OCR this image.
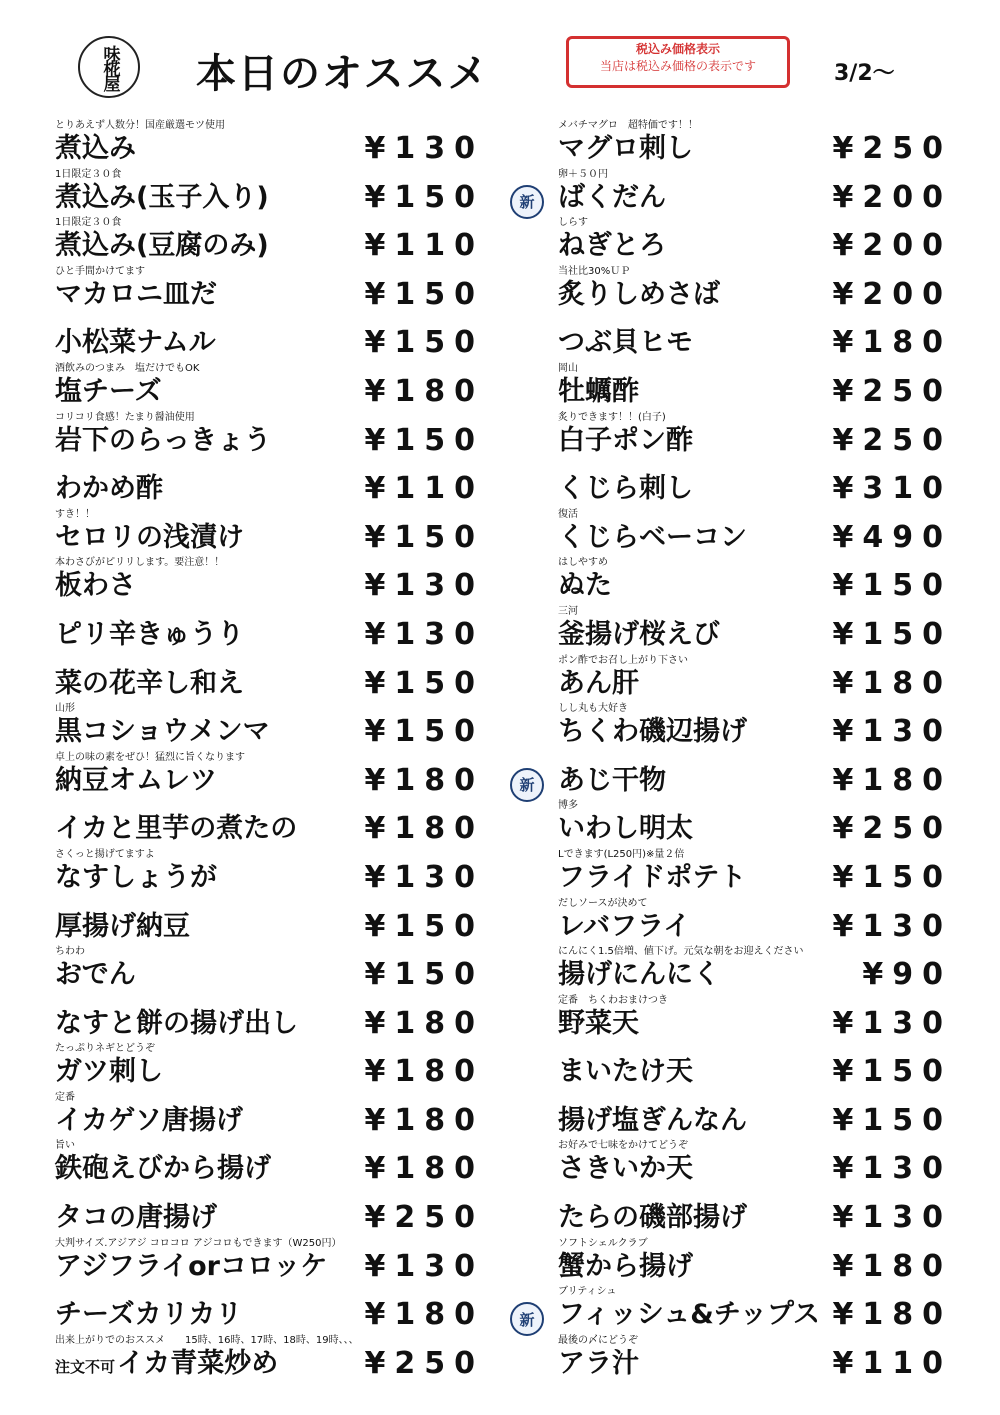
味椛屋 本日のオススメ
税込み価格表示
当店は税込み価格の表示です	3/2〜
とりあえず人数分！国産厳選モツ使用
煮込み	¥130
1日限定３０食
煮込み(玉子入り)	¥150
1日限定３０食
煮込み(豆腐のみ)	¥110
ひと手間かけてます
マカロニ皿だ	¥150
小松菜ナムル	¥150
酒飲みのつまみ　塩だけでもOK
塩チーズ	¥180
コリコリ食感！たまり醤油使用
岩下のらっきょう	¥150
わかめ酢	¥110
すき！！
セロリの浅漬け	¥150
本わさびがピリリします。要注意！！
板わさ	¥130
ピリ辛きゅうり	¥130
菜の花辛し和え	¥150
山形
黒コショウメンマ	¥150
卓上の味の素をぜひ！猛烈に旨くなります
納豆オムレツ	¥180
イカと里芋の煮たの ¥180
さくっと揚げてますよ
なすしょうが	¥130
厚揚げ納豆	¥150
ちわわ
おでん	¥150
なすと餅の揚げ出し ¥180
たっぷりネギとどうぞ
ガツ刺し	¥180
定番
イカゲソ唐揚げ	¥180
旨い
鉄砲えびから揚げ	¥180
タコの唐揚げ	¥250
大判サイズ.アジアジ コロコロ アジコロもできます（W250円）
アジフライorコロッケ ¥130
チーズカリカリ	¥180
出来上がりでのおススメ　　15時、16時、17時、18時、19時、、、
注文不可イカ青菜炒め	¥250
メバチマグロ　超特価です！！
マグロ刺し	¥250
卵＋５０円
新 ばくだん	¥200
しらす
ねぎとろ	¥200
当社比30%ＵＰ
炙りしめさば	¥200
つぶ貝ヒモ	¥180
岡山
牡蠣酢	¥250
炙りできます！！(白子)
白子ポン酢	¥250
くじら刺し	¥310
復活
くじらベーコン	¥490
はしやすめ
ぬた	¥150
三河
釜揚げ桜えび	¥150
ポン酢でお召し上がり下さい
あん肝	¥180
しし丸も大好き
ちくわ磯辺揚げ	¥130
新 あじ干物	¥180
博多
いわし明太	¥250
Lできます(L250円)※量２倍
フライドポテト	¥150
だしソースが決めて
レバフライ	¥130
にんにく1.5倍増、値下げ。元気な朝をお迎えください
揚げにんにく	¥90
定番　ちくわおまけつき
野菜天	¥130
まいたけ天	¥150
揚げ塩ぎんなん	¥150
お好みで七味をかけてどうぞ
さきいか天	¥130
たらの磯部揚げ	¥130
ソフトシェルクラブ
蟹から揚げ	¥180
ブリティシュ
新 フィッシュ&チップス ¥180
最後の〆にどうぞ
アラ汁	¥110
